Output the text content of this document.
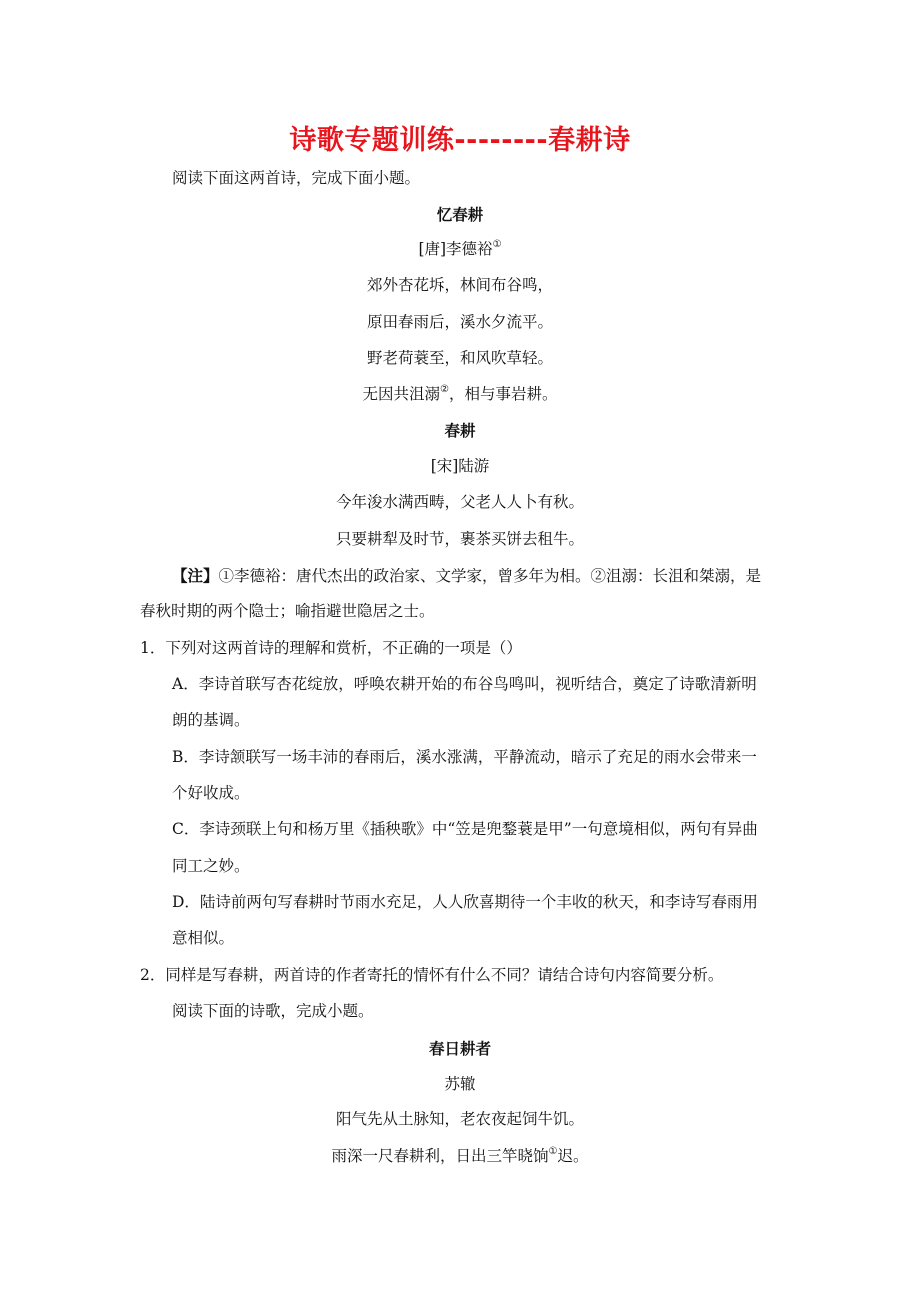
诗歌专题训练--------春耕诗
阅读下面这两首诗，完成下面小题。
忆春耕
[唐]李德裕①
郊外杏花坼，林间布谷鸣，
原田春雨后，溪水夕流平。
野老荷蓑至，和风吹草轻。
无因共沮溺②，相与事岩耕。
春耕
[宋]陆游
今年浚水满西畴，父老人人卜有秋。
只要耕犁及时节，裹茶买饼去租牛。
【注】①李德裕：唐代杰出的政治家、文学家，曾多年为相。②沮溺：长沮和桀溺，是
春秋时期的两个隐士；喻指避世隐居之士。
1．下列对这两首诗的理解和赏析，不正确的一项是（）
A．李诗首联写杏花绽放，呼唤农耕开始的布谷鸟鸣叫，视听结合，奠定了诗歌清新明
朗的基调。
B．李诗颔联写一场丰沛的春雨后，溪水涨满，平静流动，暗示了充足的雨水会带来一
个好收成。
C．李诗颈联上句和杨万里《插秧歌》中“笠是兜鍪蓑是甲”一句意境相似，两句有异曲
同工之妙。
D．陆诗前两句写春耕时节雨水充足，人人欣喜期待一个丰收的秋天，和李诗写春雨用
意相似。
2．同样是写春耕，两首诗的作者寄托的情怀有什么不同？请结合诗句内容简要分析。
阅读下面的诗歌，完成小题。
春日耕者
苏辙
阳气先从土脉知，老农夜起饲牛饥。
雨深一尺春耕利，日出三竿晓饷①迟。
